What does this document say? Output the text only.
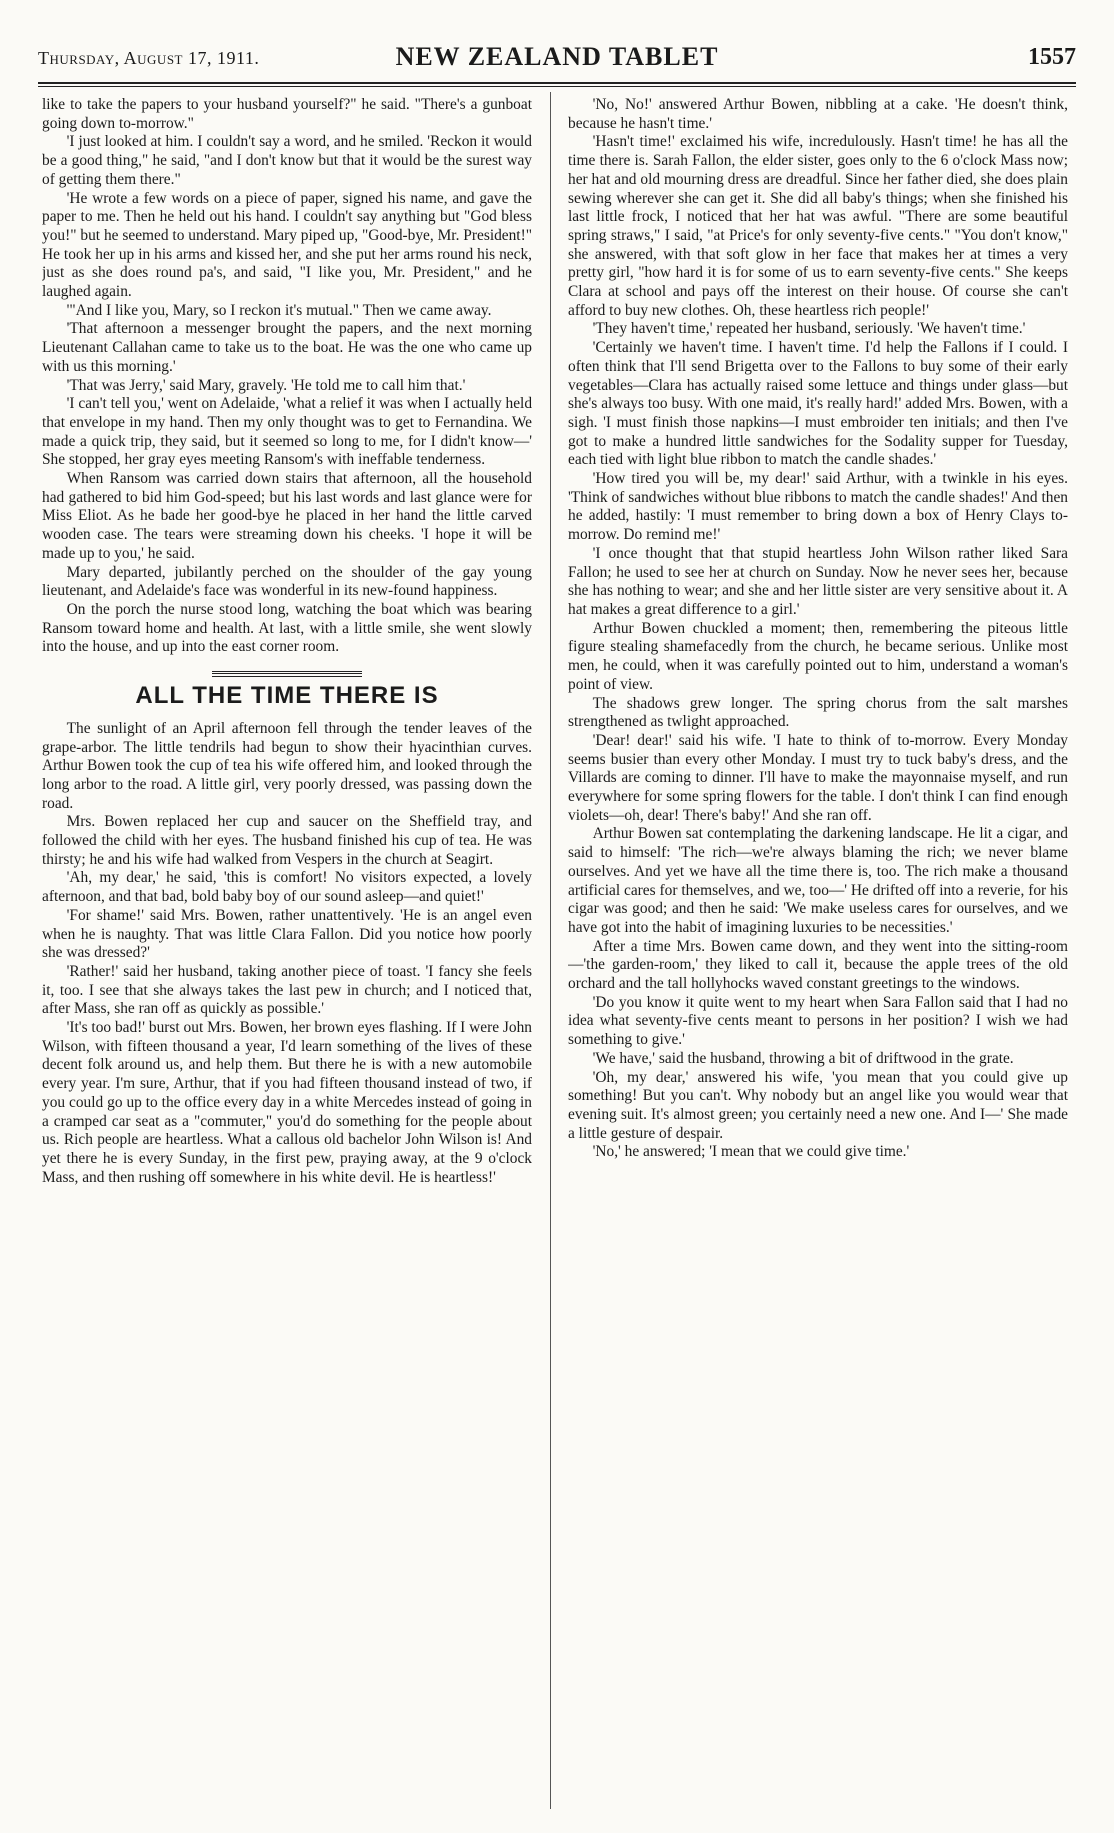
Thursday, August 17, 1911.	NEW ZEALAND TABLET	1557

like to take the papers to your husband yourself?" he said. "There's a gunboat going down to-morrow."

'I just looked at him. I couldn't say a word, and he smiled. 'Reckon it would be a good thing," he said, "and I don't know but that it would be the surest way of getting them there."

'He wrote a few words on a piece of paper, signed his name, and gave the paper to me. Then he held out his hand. I couldn't say anything but "God bless you!" but he seemed to understand. Mary piped up, "Good-bye, Mr. President!" He took her up in his arms and kissed her, and she put her arms round his neck, just as she does round pa's, and said, "I like you, Mr. President," and he laughed again.

'"And I like you, Mary, so I reckon it's mutual." Then we came away.

'That afternoon a messenger brought the papers, and the next morning Lieutenant Callahan came to take us to the boat. He was the one who came up with us this morning.'

'That was Jerry,' said Mary, gravely. 'He told me to call him that.'

'I can't tell you,' went on Adelaide, 'what a relief it was when I actually held that envelope in my hand. Then my only thought was to get to Fernandina. We made a quick trip, they said, but it seemed so long to me, for I didn't know—' She stopped, her gray eyes meeting Ransom's with ineffable tenderness.

When Ransom was carried down stairs that afternoon, all the household had gathered to bid him God-speed; but his last words and last glance were for Miss Eliot. As he bade her good-bye he placed in her hand the little carved wooden case. The tears were streaming down his cheeks. 'I hope it will be made up to you,' he said.

Mary departed, jubilantly perched on the shoulder of the gay young lieutenant, and Adelaide's face was wonderful in its new-found happiness.

On the porch the nurse stood long, watching the boat which was bearing Ransom toward home and health. At last, with a little smile, she went slowly into the house, and up into the east corner room.

ALL THE TIME THERE IS

The sunlight of an April afternoon fell through the tender leaves of the grape-arbor. The little tendrils had begun to show their hyacinthian curves. Arthur Bowen took the cup of tea his wife offered him, and looked through the long arbor to the road. A little girl, very poorly dressed, was passing down the road.

Mrs. Bowen replaced her cup and saucer on the Sheffield tray, and followed the child with her eyes. The husband finished his cup of tea. He was thirsty; he and his wife had walked from Vespers in the church at Seagirt.

'Ah, my dear,' he said, 'this is comfort! No visitors expected, a lovely afternoon, and that bad, bold baby boy of our sound asleep—and quiet!'

'For shame!' said Mrs. Bowen, rather unattentively. 'He is an angel even when he is naughty. That was little Clara Fallon. Did you notice how poorly she was dressed?'

'Rather!' said her husband, taking another piece of toast. 'I fancy she feels it, too. I see that she always takes the last pew in church; and I noticed that, after Mass, she ran off as quickly as possible.'

'It's too bad!' burst out Mrs. Bowen, her brown eyes flashing. If I were John Wilson, with fifteen thousand a year, I'd learn something of the lives of these decent folk around us, and help them. But there he is with a new automobile every year. I'm sure, Arthur, that if you had fifteen thousand instead of two, if you could go up to the office every day in a white Mercedes instead of going in a cramped car seat as a "commuter," you'd do something for the people about us. Rich people are heartless. What a callous old bachelor John Wilson is! And yet there he is every Sunday, in the first pew, praying away, at the 9 o'clock Mass, and then rushing off somewhere in his white devil. He is heartless!'

'No, No!' answered Arthur Bowen, nibbling at a cake. 'He doesn't think, because he hasn't time.'

'Hasn't time!' exclaimed his wife, incredulously. Hasn't time! he has all the time there is. Sarah Fallon, the elder sister, goes only to the 6 o'clock Mass now; her hat and old mourning dress are dreadful. Since her father died, she does plain sewing wherever she can get it. She did all baby's things; when she finished his last little frock, I noticed that her hat was awful. "There are some beautiful spring straws," I said, "at Price's for only seventy-five cents." "You don't know," she answered, with that soft glow in her face that makes her at times a very pretty girl, "how hard it is for some of us to earn seventy-five cents." She keeps Clara at school and pays off the interest on their house. Of course she can't afford to buy new clothes. Oh, these heartless rich people!'

'They haven't time,' repeated her husband, seriously. 'We haven't time.'

'Certainly we haven't time. I haven't time. I'd help the Fallons if I could. I often think that I'll send Brigetta over to the Fallons to buy some of their early vegetables—Clara has actually raised some lettuce and things under glass—but she's always too busy. With one maid, it's really hard!' added Mrs. Bowen, with a sigh. 'I must finish those napkins—I must embroider ten initials; and then I've got to make a hundred little sandwiches for the Sodality supper for Tuesday, each tied with light blue ribbon to match the candle shades.'

'How tired you will be, my dear!' said Arthur, with a twinkle in his eyes. 'Think of sandwiches without blue ribbons to match the candle shades!' And then he added, hastily: 'I must remember to bring down a box of Henry Clays to-morrow. Do remind me!'

'I once thought that that stupid heartless John Wilson rather liked Sara Fallon; he used to see her at church on Sunday. Now he never sees her, because she has nothing to wear; and she and her little sister are very sensitive about it. A hat makes a great difference to a girl.'

Arthur Bowen chuckled a moment; then, remembering the piteous little figure stealing shamefacedly from the church, he became serious. Unlike most men, he could, when it was carefully pointed out to him, understand a woman's point of view.

The shadows grew longer. The spring chorus from the salt marshes strengthened as twlight approached.

'Dear! dear!' said his wife. 'I hate to think of to-morrow. Every Monday seems busier than every other Monday. I must try to tuck baby's dress, and the Villards are coming to dinner. I'll have to make the mayonnaise myself, and run everywhere for some spring flowers for the table. I don't think I can find enough violets—oh, dear! There's baby!' And she ran off.

Arthur Bowen sat contemplating the darkening landscape. He lit a cigar, and said to himself: 'The rich—we're always blaming the rich; we never blame ourselves. And yet we have all the time there is, too. The rich make a thousand artificial cares for themselves, and we, too—' He drifted off into a reverie, for his cigar was good; and then he said: 'We make useless cares for ourselves, and we have got into the habit of imagining luxuries to be necessities.'

After a time Mrs. Bowen came down, and they went into the sitting-room—'the garden-room,' they liked to call it, because the apple trees of the old orchard and the tall hollyhocks waved constant greetings to the windows.

'Do you know it quite went to my heart when Sara Fallon said that I had no idea what seventy-five cents meant to persons in her position? I wish we had something to give.'

'We have,' said the husband, throwing a bit of driftwood in the grate.

'Oh, my dear,' answered his wife, 'you mean that you could give up something! But you can't. Why nobody but an angel like you would wear that evening suit. It's almost green; you certainly need a new one. And I—' She made a little gesture of despair.

'No,' he answered; 'I mean that we could give time.'
